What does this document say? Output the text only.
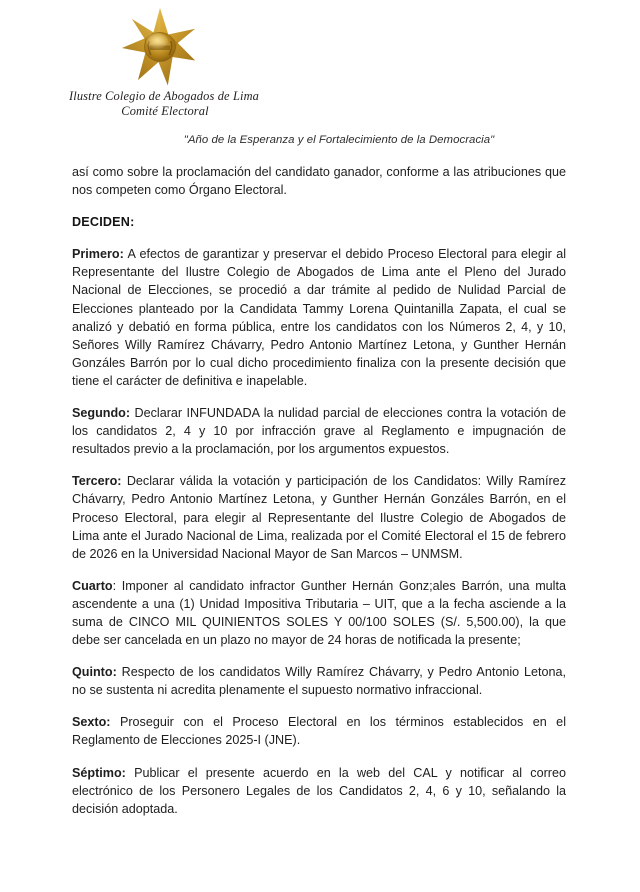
Ilustre Colegio de Abogados de Lima
Comité Electoral
"Año de la Esperanza y el Fortalecimiento de la Democracia"

así como sobre la proclamación del candidato ganador, conforme a las atribuciones que nos competen como Órgano Electoral.

DECIDEN:

Primero: A efectos de garantizar y preservar el debido Proceso Electoral para elegir al Representante del Ilustre Colegio de Abogados de Lima ante el Pleno del Jurado Nacional de Elecciones, se procedió a dar trámite al pedido de Nulidad Parcial de Elecciones planteado por la Candidata Tammy Lorena Quintanilla Zapata, el cual se analizó y debatió en forma pública, entre los candidatos con los Números 2, 4, y 10, Señores Willy Ramírez Chávarry, Pedro Antonio Martínez Letona, y Gunther Hernán Gonzáles Barrón por lo cual dicho procedimiento finaliza con la presente decisión que tiene el carácter de definitiva e inapelable.

Segundo: Declarar INFUNDADA la nulidad parcial de elecciones contra la votación de los candidatos 2, 4 y 10 por infracción grave al Reglamento e impugnación de resultados previo a la proclamación, por los argumentos expuestos.

Tercero: Declarar válida la votación y participación de los Candidatos: Willy Ramírez Chávarry, Pedro Antonio Martínez Letona, y Gunther Hernán Gonzáles Barrón, en el Proceso Electoral, para elegir al Representante del Ilustre Colegio de Abogados de Lima ante el Jurado Nacional de Lima, realizada por el Comité Electoral el 15 de febrero de 2026 en la Universidad Nacional Mayor de San Marcos – UNMSM.

Cuarto: Imponer al candidato infractor Gunther Hernán Gonz;ales Barrón, una multa ascendente a una (1) Unidad Impositiva Tributaria – UIT, que a la fecha asciende a la suma de CINCO MIL QUINIENTOS SOLES Y 00/100 SOLES (S/. 5,500.00), la que debe ser cancelada en un plazo no mayor de 24 horas de notificada la presente;

Quinto: Respecto de los candidatos Willy Ramírez Chávarry, y Pedro Antonio Letona, no se sustenta ni acredita plenamente el supuesto normativo infraccional.

Sexto: Proseguir con el Proceso Electoral en los términos establecidos en el Reglamento de Elecciones 2025-I (JNE).

Séptimo: Publicar el presente acuerdo en la web del CAL y notificar al correo electrónico de los Personero Legales de los Candidatos 2, 4, 6 y 10, señalando la decisión adoptada.
